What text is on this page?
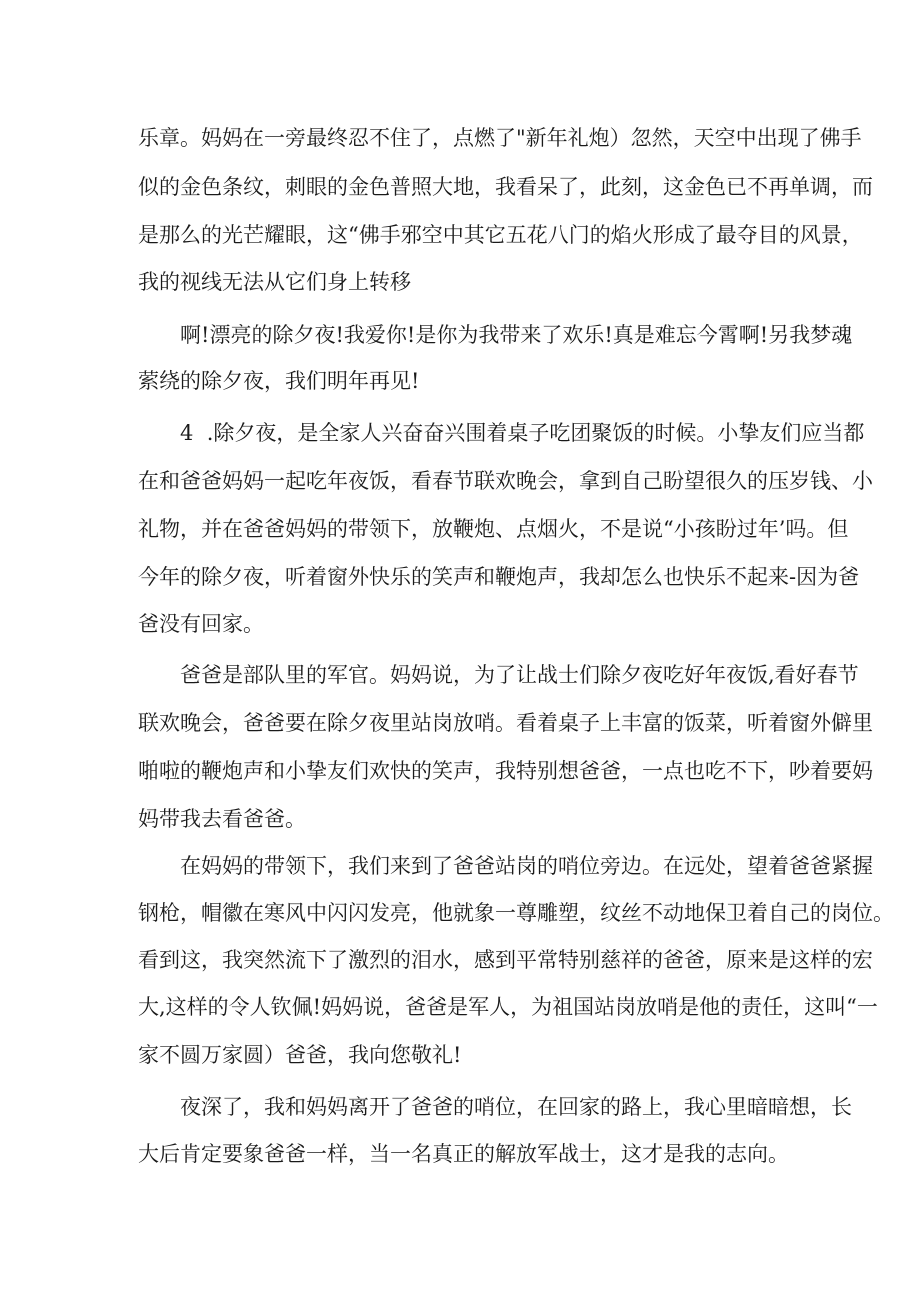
乐章。妈妈在一旁最终忍不住了，点燃了"新年礼炮）忽然，天空中出现了佛手

似的金色条纹，刺眼的金色普照大地，我看呆了，此刻，这金色已不再单调，而

是那么的光芒耀眼，这“佛手邪空中其它五花八门的焰火形成了最夺目的风景，

我的视线无法从它们身上转移

啊!漂亮的除夕夜!我爱你!是你为我带来了欢乐!真是难忘今霄啊!另我梦魂

萦绕的除夕夜，我们明年再见!

4  .除夕夜，是全家人兴奋奋兴围着桌子吃团聚饭的时候。小挚友们应当都

在和爸爸妈妈一起吃年夜饭，看春节联欢晚会，拿到自己盼望很久的压岁钱、小

礼物，并在爸爸妈妈的带领下，放鞭炮、点烟火，不是说“小孩盼过年’吗。但

今年的除夕夜，听着窗外快乐的笑声和鞭炮声，我却怎么也快乐不起来-因为爸

爸没有回家。

爸爸是部队里的军官。妈妈说，为了让战士们除夕夜吃好年夜饭,看好春节

联欢晚会，爸爸要在除夕夜里站岗放哨。看着桌子上丰富的饭菜，听着窗外僻里

啪啦的鞭炮声和小挚友们欢快的笑声，我特别想爸爸，一点也吃不下，吵着要妈

妈带我去看爸爸。

在妈妈的带领下，我们来到了爸爸站岗的哨位旁边。在远处，望着爸爸紧握

钢枪，帽徽在寒风中闪闪发亮，他就象一尊雕塑，纹丝不动地保卫着自己的岗位。

看到这，我突然流下了激烈的泪水，感到平常特别慈祥的爸爸，原来是这样的宏

大,这样的令人钦佩!妈妈说，爸爸是军人，为祖国站岗放哨是他的责任，这叫“一

家不圆万家圆）爸爸，我向您敬礼!

夜深了，我和妈妈离开了爸爸的哨位，在回家的路上，我心里暗暗想，长

大后肯定要象爸爸一样，当一名真正的解放军战士，这才是我的志向。
